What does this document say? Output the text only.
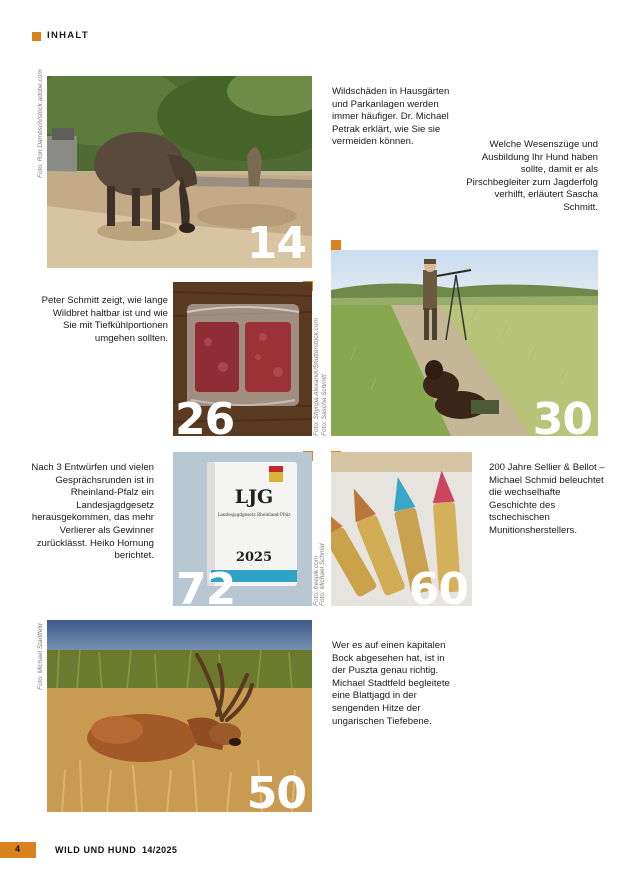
INHALT
Foto: Ron Dambsch/stock.adobe.com
14
Wildschäden in Hausgärten und Parkanlagen werden immer häufiger. Dr. Michael Petrak erklärt, wie Sie sie vermeiden können.	Welche Wesenszüge und Ausbildung Ihr Hund haben sollte, damit er als Pirschbegleiter zum Jagderfolg verhilft, erläutert Sascha Schmitt.
Foto: Sascha Schmitt	30
Peter Schmitt zeigt, wie lange Wildbret haltbar ist und wie Sie mit Tiefkühlportionen umgehen sollten.	Foto: Shyripa Alexandr/Shutterstock.com
26
Nach 3 Entwürfen und vielen Gesprächsrunden ist in Rheinland-Pfalz ein Landesjagdgesetz herausgekommen, das mehr Verlierer als Gewinner zurücklässt. Heiko Hornung berichtet.
Foto: freepik.com
LJG
Landesjagdgesetz Rheinland-Pfalz
2025
72	60
Foto: Michael Schmid
200 Jahre Sellier & Bellot – Michael Schmid beleuchtet die wechselhafte Geschichte des tschechischen Munitionsherstellers.
Foto: Michael Stadtfeld
50
Wer es auf einen kapitalen Bock abgesehen hat, ist in der Puszta genau richtig. Michael Stadtfeld begleitete eine Blattjagd in der sengenden Hitze der ungarischen Tiefebene.
4	WILD UND HUND 14/2025
